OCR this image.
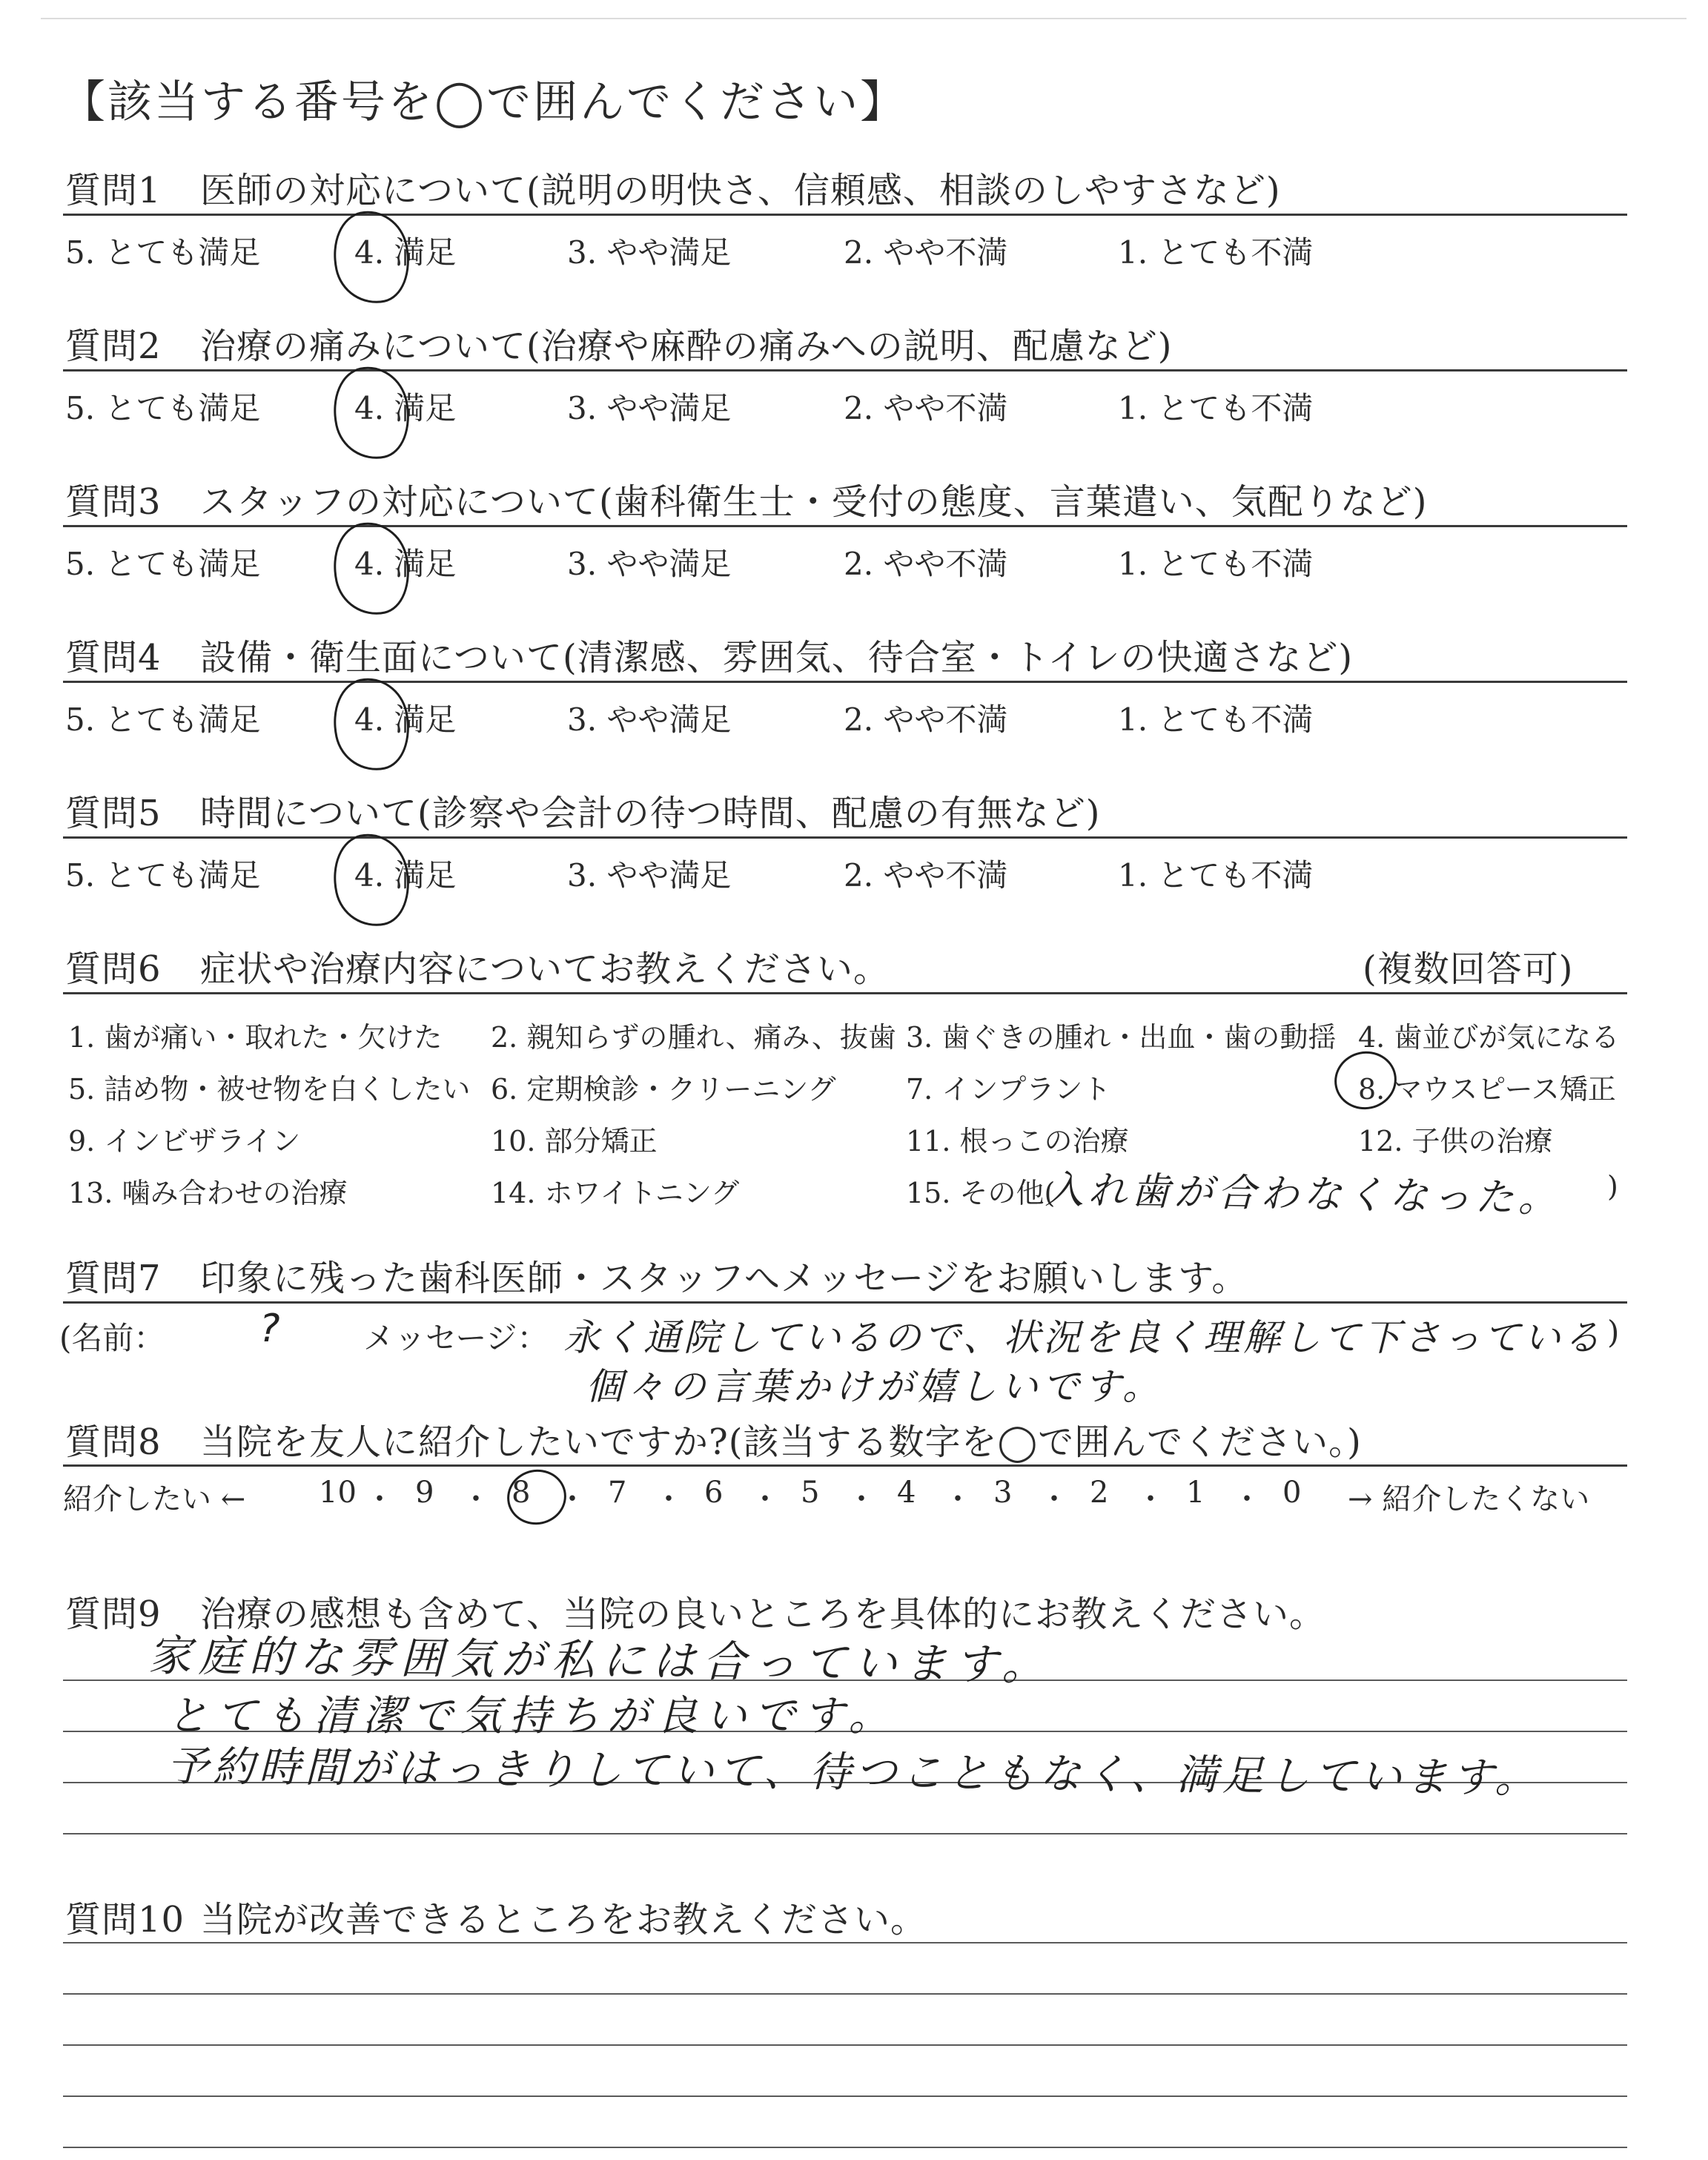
【該当する番号を◯で囲んでください】
質問1 医師の対応について(説明の明快さ、信頼感、相談のしやすさなど)
5. とても満足	4. 満足	3. やや満足	2. やや不満	1. とても不満
質問2 治療の痛みについて(治療や麻酔の痛みへの説明、配慮など)
5. とても満足	4. 満足	3. やや満足	2. やや不満	1. とても不満
質問3 スタッフの対応について(歯科衛生士・受付の態度、言葉遣い、気配りなど)
5. とても満足	4. 満足	3. やや満足	2. やや不満	1. とても不満
質問4 設備・衛生面について(清潔感、雰囲気、待合室・トイレの快適さなど)
5. とても満足	4. 満足	3. やや満足	2. やや不満	1. とても不満
質問5 時間について(診察や会計の待つ時間、配慮の有無など)
5. とても満足	4. 満足	3. やや満足	2. やや不満	1. とても不満
質問6 症状や治療内容についてお教えください。	(複数回答可)
1. 歯が痛い・取れた・欠けた 2. 親知らずの腫れ、痛み、抜歯 3. 歯ぐきの腫れ・出血・歯の動揺 4. 歯並びが気になる
5. 詰め物・被せ物を白くしたい 6. 定期検診・クリーニング 7. インプラント	8. マウスピース矯正
9. インビザライン	10. 部分矯正	11. 根っこの治療	12. 子供の治療
13. 噛み合わせの治療	14. ホワイトニング	15. その他(	)
入れ歯が合わなくなった。
質問7 印象に残った歯科医師・スタッフへメッセージをお願いします。
(名前： ?	メッセージ：	)
永く通院しているので、状況を良く理解して下さっている
個々の言葉かけが嬉しいです。
質問8 当院を友人に紹介したいですか?(該当する数字を◯で囲んでください。)
紹介したい ← 10 ・ 9 ・ 8 ・ 7 ・ 6 ・ 5 ・ 4 ・ 3 ・ 2 ・ 1 ・ 0 → 紹介したくない
質問9 治療の感想も含めて、当院の良いところを具体的にお教えください。
家庭的な雰囲気が私には合っています。
とても清潔で気持ちが良いです。
予約時間がはっきりしていて、待つこともなく、満足しています。
質問10 当院が改善できるところをお教えください。
